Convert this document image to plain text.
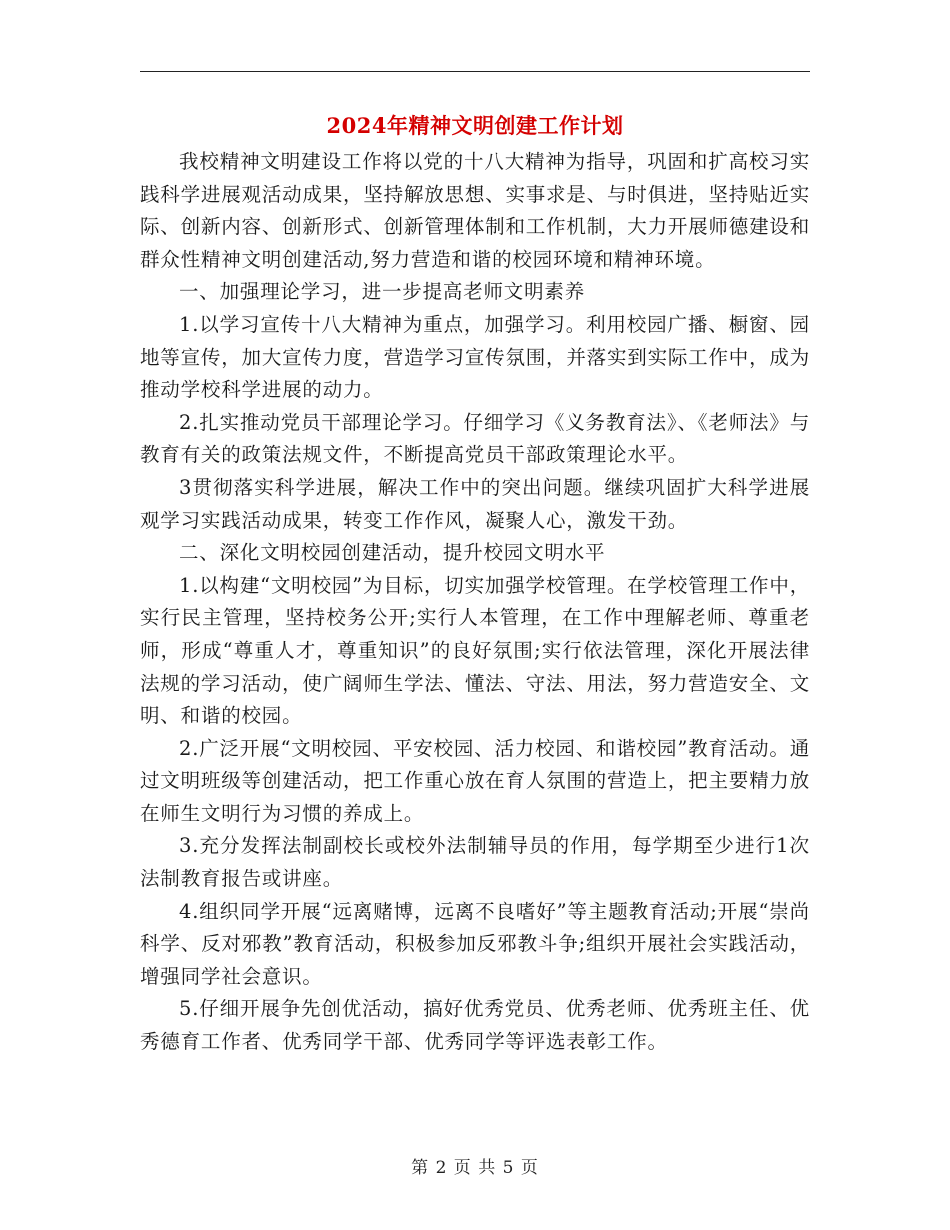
2024年精神文明创建工作计划

我校精神文明建设工作将以党的十八大精神为指导，巩固和扩高校习实践科学进展观活动成果，坚持解放思想、实事求是、与时俱进，坚持贴近实际、创新内容、创新形式、创新管理体制和工作机制，大力开展师德建设和群众性精神文明创建活动,努力营造和谐的校园环境和精神环境。

一、加强理论学习，进一步提高老师文明素养

1.以学习宣传十八大精神为重点，加强学习。利用校园广播、橱窗、园地等宣传，加大宣传力度，营造学习宣传氛围，并落实到实际工作中，成为推动学校科学进展的动力。

2.扎实推动党员干部理论学习。仔细学习《义务教育法》、《老师法》与教育有关的政策法规文件，不断提高党员干部政策理论水平。

3贯彻落实科学进展，解决工作中的突出问题。继续巩固扩大科学进展观学习实践活动成果，转变工作作风，凝聚人心，激发干劲。

二、深化文明校园创建活动，提升校园文明水平

1.以构建“文明校园”为目标，切实加强学校管理。在学校管理工作中，实行民主管理，坚持校务公开;实行人本管理，在工作中理解老师、尊重老师，形成“尊重人才，尊重知识”的良好氛围;实行依法管理，深化开展法律法规的学习活动，使广阔师生学法、懂法、守法、用法，努力营造安全、文明、和谐的校园。

2.广泛开展“文明校园、平安校园、活力校园、和谐校园”教育活动。通过文明班级等创建活动，把工作重心放在育人氛围的营造上，把主要精力放在师生文明行为习惯的养成上。

3.充分发挥法制副校长或校外法制辅导员的作用，每学期至少进行1次法制教育报告或讲座。

4.组织同学开展“远离赌博，远离不良嗜好”等主题教育活动;开展“崇尚科学、反对邪教”教育活动，积极参加反邪教斗争;组织开展社会实践活动，增强同学社会意识。

5.仔细开展争先创优活动，搞好优秀党员、优秀老师、优秀班主任、优秀德育工作者、优秀同学干部、优秀同学等评选表彰工作。

第 2 页 共 5 页
